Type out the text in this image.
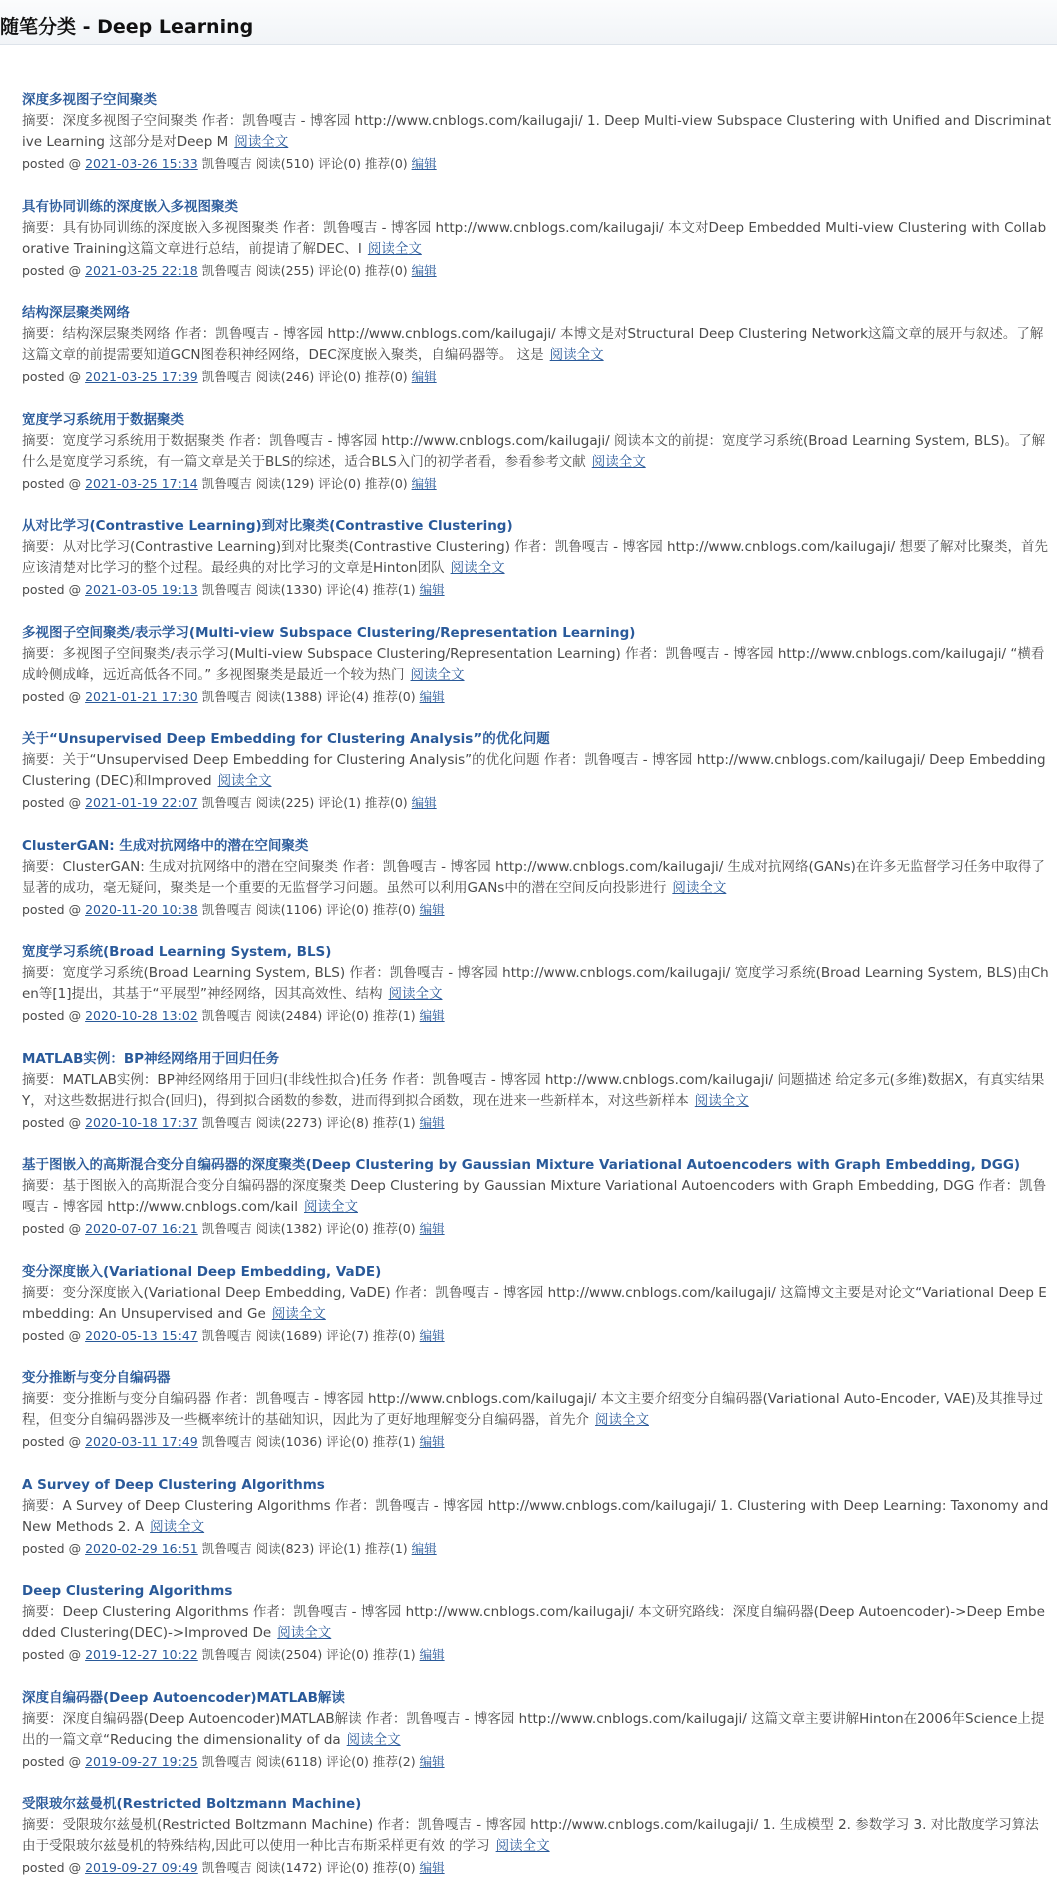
随笔分类 - Deep Learning
深度多视图子空间聚类
摘要：深度多视图子空间聚类 作者：凯鲁嘎吉 - 博客园 http://www.cnblogs.com/kailugaji/ 1. Deep Multi-view Subspace Clustering with Unified and Discriminative Learning 这部分是对Deep M 阅读全文
posted @ 2021-03-26 15:33 凯鲁嘎吉 阅读(510) 评论(0) 推荐(0) 编辑
具有协同训练的深度嵌入多视图聚类
摘要：具有协同训练的深度嵌入多视图聚类 作者：凯鲁嘎吉 - 博客园 http://www.cnblogs.com/kailugaji/ 本文对Deep Embedded Multi-view Clustering with Collaborative Training这篇文章进行总结，前提请了解DEC、I 阅读全文
posted @ 2021-03-25 22:18 凯鲁嘎吉 阅读(255) 评论(0) 推荐(0) 编辑
结构深层聚类网络
摘要：结构深层聚类网络 作者：凯鲁嘎吉 - 博客园 http://www.cnblogs.com/kailugaji/ 本博文是对Structural Deep Clustering Network这篇文章的展开与叙述。了解这篇文章的前提需要知道GCN图卷积神经网络，DEC深度嵌入聚类，自编码器等。 这是 阅读全文
posted @ 2021-03-25 17:39 凯鲁嘎吉 阅读(246) 评论(0) 推荐(0) 编辑
宽度学习系统用于数据聚类
摘要：宽度学习系统用于数据聚类 作者：凯鲁嘎吉 - 博客园 http://www.cnblogs.com/kailugaji/ 阅读本文的前提：宽度学习系统(Broad Learning System, BLS)。了解什么是宽度学习系统，有一篇文章是关于BLS的综述，适合BLS入门的初学者看，参看参考文献 阅读全文
posted @ 2021-03-25 17:14 凯鲁嘎吉 阅读(129) 评论(0) 推荐(0) 编辑
从对比学习(Contrastive Learning)到对比聚类(Contrastive Clustering)
摘要：从对比学习(Contrastive Learning)到对比聚类(Contrastive Clustering) 作者：凯鲁嘎吉 - 博客园 http://www.cnblogs.com/kailugaji/ 想要了解对比聚类，首先应该清楚对比学习的整个过程。最经典的对比学习的文章是Hinton团队 阅读全文
posted @ 2021-03-05 19:13 凯鲁嘎吉 阅读(1330) 评论(4) 推荐(1) 编辑
多视图子空间聚类/表示学习(Multi-view Subspace Clustering/Representation Learning)
摘要：多视图子空间聚类/表示学习(Multi-view Subspace Clustering/Representation Learning) 作者：凯鲁嘎吉 - 博客园 http://www.cnblogs.com/kailugaji/ “横看成岭侧成峰，远近高低各不同。” 多视图聚类是最近一个较为热门 阅读全文
posted @ 2021-01-21 17:30 凯鲁嘎吉 阅读(1388) 评论(4) 推荐(0) 编辑
关于“Unsupervised Deep Embedding for Clustering Analysis”的优化问题
摘要：关于“Unsupervised Deep Embedding for Clustering Analysis”的优化问题 作者：凯鲁嘎吉 - 博客园 http://www.cnblogs.com/kailugaji/ Deep Embedding Clustering (DEC)和Improved 阅读全文
posted @ 2021-01-19 22:07 凯鲁嘎吉 阅读(225) 评论(1) 推荐(0) 编辑
ClusterGAN: 生成对抗网络中的潜在空间聚类
摘要：ClusterGAN: 生成对抗网络中的潜在空间聚类 作者：凯鲁嘎吉 - 博客园 http://www.cnblogs.com/kailugaji/ 生成对抗网络(GANs)在许多无监督学习任务中取得了显著的成功，毫无疑问，聚类是一个重要的无监督学习问题。虽然可以利用GANs中的潜在空间反向投影进行 阅读全文
posted @ 2020-11-20 10:38 凯鲁嘎吉 阅读(1106) 评论(0) 推荐(0) 编辑
宽度学习系统(Broad Learning System, BLS)
摘要：宽度学习系统(Broad Learning System, BLS) 作者：凯鲁嘎吉 - 博客园 http://www.cnblogs.com/kailugaji/ 宽度学习系统(Broad Learning System, BLS)由Chen等[1]提出，其基于“平展型”神经网络，因其高效性、结构 阅读全文
posted @ 2020-10-28 13:02 凯鲁嘎吉 阅读(2484) 评论(0) 推荐(1) 编辑
MATLAB实例：BP神经网络用于回归任务
摘要：MATLAB实例：BP神经网络用于回归(非线性拟合)任务 作者：凯鲁嘎吉 - 博客园 http://www.cnblogs.com/kailugaji/ 问题描述 给定多元(多维)数据X，有真实结果Y，对这些数据进行拟合(回归)，得到拟合函数的参数，进而得到拟合函数，现在进来一些新样本，对这些新样本 阅读全文
posted @ 2020-10-18 17:37 凯鲁嘎吉 阅读(2273) 评论(8) 推荐(1) 编辑
基于图嵌入的高斯混合变分自编码器的深度聚类(Deep Clustering by Gaussian Mixture Variational Autoencoders with Graph Embedding, DGG)
摘要：基于图嵌入的高斯混合变分自编码器的深度聚类 Deep Clustering by Gaussian Mixture Variational Autoencoders with Graph Embedding, DGG 作者：凯鲁嘎吉 - 博客园 http://www.cnblogs.com/kail 阅读全文
posted @ 2020-07-07 16:21 凯鲁嘎吉 阅读(1382) 评论(0) 推荐(0) 编辑
变分深度嵌入(Variational Deep Embedding, VaDE)
摘要：变分深度嵌入(Variational Deep Embedding, VaDE) 作者：凯鲁嘎吉 - 博客园 http://www.cnblogs.com/kailugaji/ 这篇博文主要是对论文“Variational Deep Embedding: An Unsupervised and Ge 阅读全文
posted @ 2020-05-13 15:47 凯鲁嘎吉 阅读(1689) 评论(7) 推荐(0) 编辑
变分推断与变分自编码器
摘要：变分推断与变分自编码器 作者：凯鲁嘎吉 - 博客园 http://www.cnblogs.com/kailugaji/ 本文主要介绍变分自编码器(Variational Auto-Encoder, VAE)及其推导过程，但变分自编码器涉及一些概率统计的基础知识，因此为了更好地理解变分自编码器，首先介 阅读全文
posted @ 2020-03-11 17:49 凯鲁嘎吉 阅读(1036) 评论(0) 推荐(1) 编辑
A Survey of Deep Clustering Algorithms
摘要：A Survey of Deep Clustering Algorithms 作者：凯鲁嘎吉 - 博客园 http://www.cnblogs.com/kailugaji/ 1. Clustering with Deep Learning: Taxonomy and New Methods 2. A 阅读全文
posted @ 2020-02-29 16:51 凯鲁嘎吉 阅读(823) 评论(1) 推荐(1) 编辑
Deep Clustering Algorithms
摘要：Deep Clustering Algorithms 作者：凯鲁嘎吉 - 博客园 http://www.cnblogs.com/kailugaji/ 本文研究路线：深度自编码器(Deep Autoencoder)->Deep Embedded Clustering(DEC)->Improved De 阅读全文
posted @ 2019-12-27 10:22 凯鲁嘎吉 阅读(2504) 评论(0) 推荐(1) 编辑
深度自编码器(Deep Autoencoder)MATLAB解读
摘要：深度自编码器(Deep Autoencoder)MATLAB解读 作者：凯鲁嘎吉 - 博客园 http://www.cnblogs.com/kailugaji/ 这篇文章主要讲解Hinton在2006年Science上提出的一篇文章“Reducing the dimensionality of da 阅读全文
posted @ 2019-09-27 19:25 凯鲁嘎吉 阅读(6118) 评论(0) 推荐(2) 编辑
受限玻尔兹曼机(Restricted Boltzmann Machine)
摘要：受限玻尔兹曼机(Restricted Boltzmann Machine) 作者：凯鲁嘎吉 - 博客园 http://www.cnblogs.com/kailugaji/ 1. 生成模型 2. 参数学习 3. 对比散度学习算法 由于受限玻尔兹曼机的特殊结构,因此可以使用一种比吉布斯采样更有效 的学习 阅读全文
posted @ 2019-09-27 09:49 凯鲁嘎吉 阅读(1472) 评论(0) 推荐(0) 编辑
